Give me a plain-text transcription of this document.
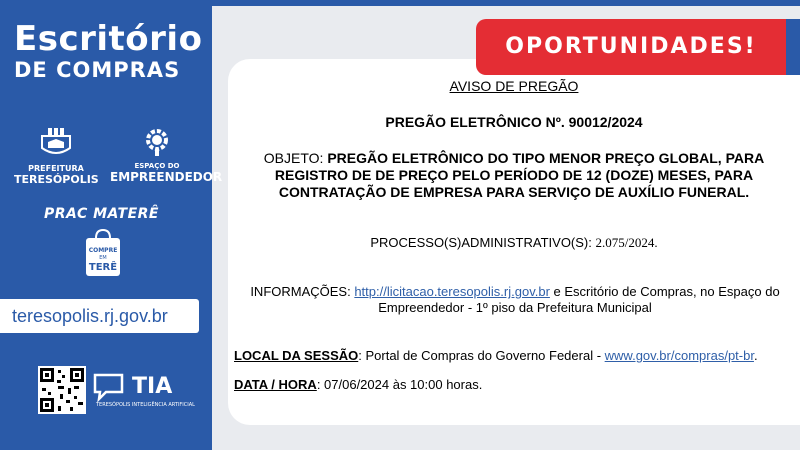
Escritório
DE COMPRAS
PREFEITURA
TERESÓPOLIS
ESPAÇO DO
EMPREENDEDOR
PRAC MATERÊ
COMPRE
EM
TERÊ
teresopolis.rj.gov.br
TIA
TERESÓPOLIS INTELIGÊNCIA ARTIFICIAL
OPORTUNIDADES!
AVISO DE PREGÃO
PREGÃO ELETRÔNICO Nº. 90012/2024
OBJETO: PREGÃO ELETRÔNICO DO TIPO MENOR PREÇO GLOBAL, PARA REGISTRO DE DE PREÇO PELO PERÍODO DE 12 (DOZE) MESES, PARA CONTRATAÇÃO DE EMPRESA PARA SERVIÇO DE AUXÍLIO FUNERAL.
PROCESSO(S)ADMINISTRATIVO(S): 2.075/2024.
INFORMAÇÕES: http://licitacao.teresopolis.rj.gov.br e Escritório de Compras, no Espaço do Empreendedor - 1º piso da Prefeitura Municipal
LOCAL DA SESSÃO: Portal de Compras do Governo Federal - www.gov.br/compras/pt-br.
DATA / HORA: 07/06/2024 às 10:00 horas.
